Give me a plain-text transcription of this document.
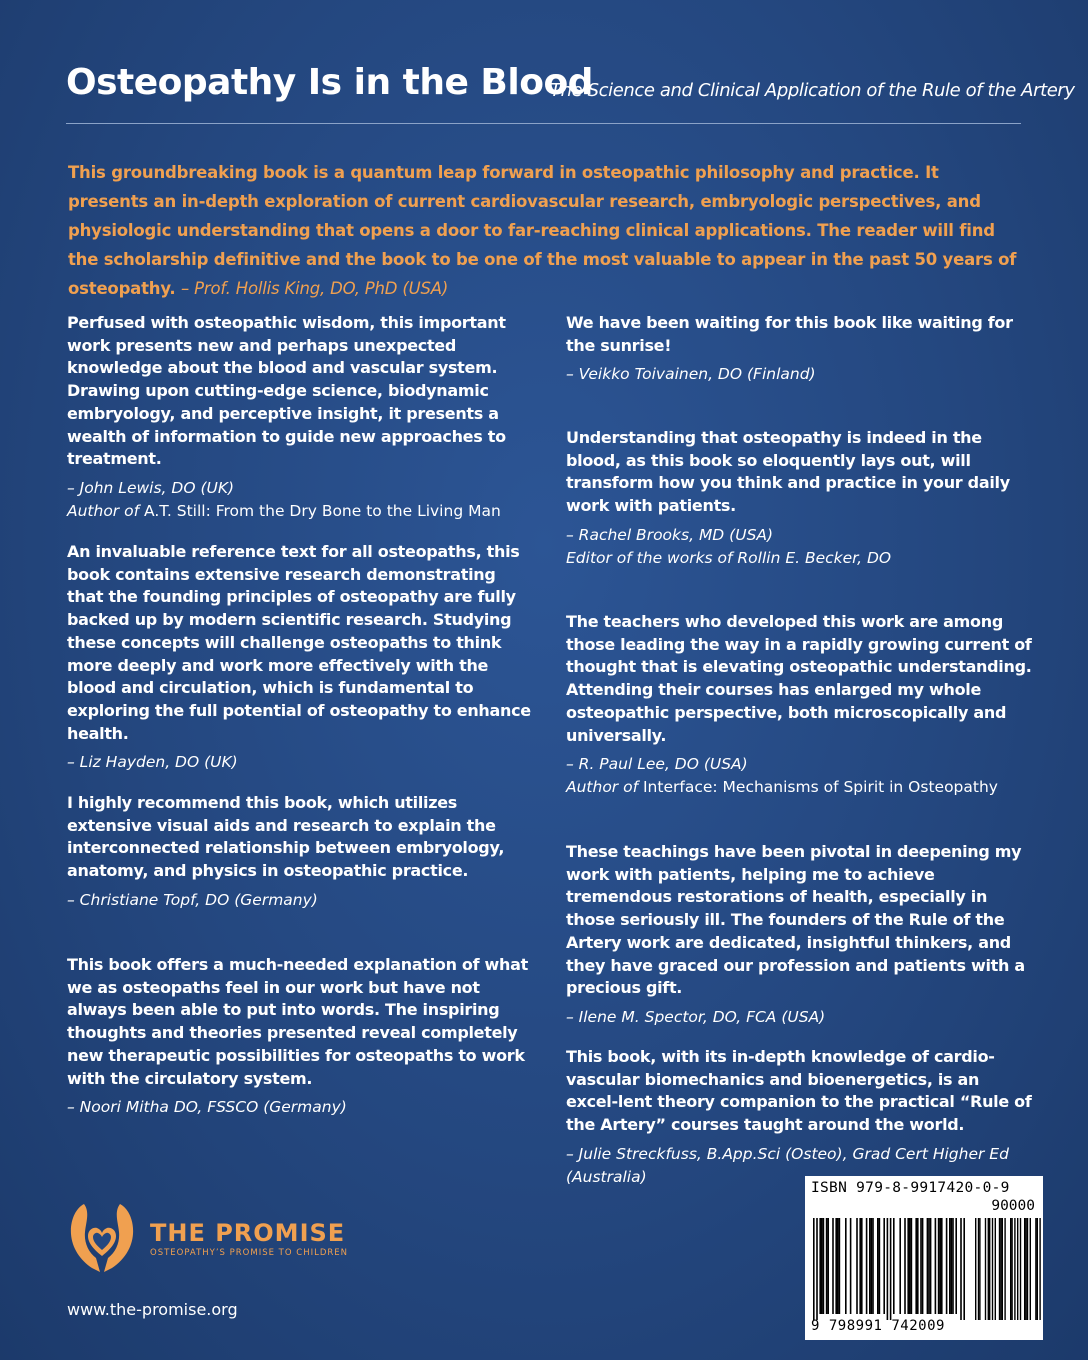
Osteopathy Is in the Blood
The Science and Clinical Application of the Rule of the Artery
This groundbreaking book is a quantum leap forward in osteopathic philosophy and practice. It presents an in-depth exploration of current cardiovascular research, embryologic perspectives, and physiologic understanding that opens a door to far-reaching clinical applications. The reader will find the scholarship definitive and the book to be one of the most valuable to appear in the past 50 years of osteopathy. – Prof. Hollis King, DO, PhD (USA)
Perfused with osteopathic wisdom, this important work presents new and perhaps unexpected knowledge about the blood and vascular system. Drawing upon cutting-edge science, biodynamic embryology, and perceptive insight, it presents a wealth of information to guide new approaches to treatment.
– John Lewis, DO (UK)
Author of A.T. Still: From the Dry Bone to the Living Man
An invaluable reference text for all osteopaths, this book contains extensive research demonstrating that the founding principles of osteopathy are fully backed up by modern scientific research. Studying these concepts will challenge osteopaths to think more deeply and work more effectively with the blood and circulation, which is fundamental to exploring the full potential of osteopathy to enhance health.
– Liz Hayden, DO (UK)
I highly recommend this book, which utilizes extensive visual aids and research to explain the interconnected relationship between embryology, anatomy, and physics in osteopathic practice.
– Christiane Topf, DO (Germany)
This book offers a much-needed explanation of what we as osteopaths feel in our work but have not always been able to put into words. The inspiring thoughts and theories presented reveal completely new therapeutic possibilities for osteopaths to work with the circulatory system.
– Noori Mitha DO, FSSCO (Germany)
We have been waiting for this book like waiting for the sunrise!
– Veikko Toivainen, DO (Finland)
Understanding that osteopathy is indeed in the blood, as this book so eloquently lays out, will transform how you think and practice in your daily work with patients.
– Rachel Brooks, MD (USA)
Editor of the works of Rollin E. Becker, DO
The teachers who developed this work are among those leading the way in a rapidly growing current of thought that is elevating osteopathic understanding. Attending their courses has enlarged my whole osteopathic perspective, both microscopically and universally.
– R. Paul Lee, DO (USA)
Author of Interface: Mechanisms of Spirit in Osteopathy
These teachings have been pivotal in deepening my work with patients, helping me to achieve tremendous restorations of health, especially in those seriously ill. The founders of the Rule of the Artery work are dedicated, insightful thinkers, and they have graced our profession and patients with a precious gift.
– Ilene M. Spector, DO, FCA (USA)
This book, with its in-depth knowledge of cardio-vascular biomechanics and bioenergetics, is an excel-lent theory companion to the practical “Rule of the Artery” courses taught around the world.
– Julie Streckfuss, B.App.Sci (Osteo), Grad Cert Higher Ed (Australia)
THE PROMISE
OSTEOPATHY’S PROMISE TO CHILDREN
www.the-promise.org
ISBN 979-8-9917420-0-9
90000
9 798991 742009
